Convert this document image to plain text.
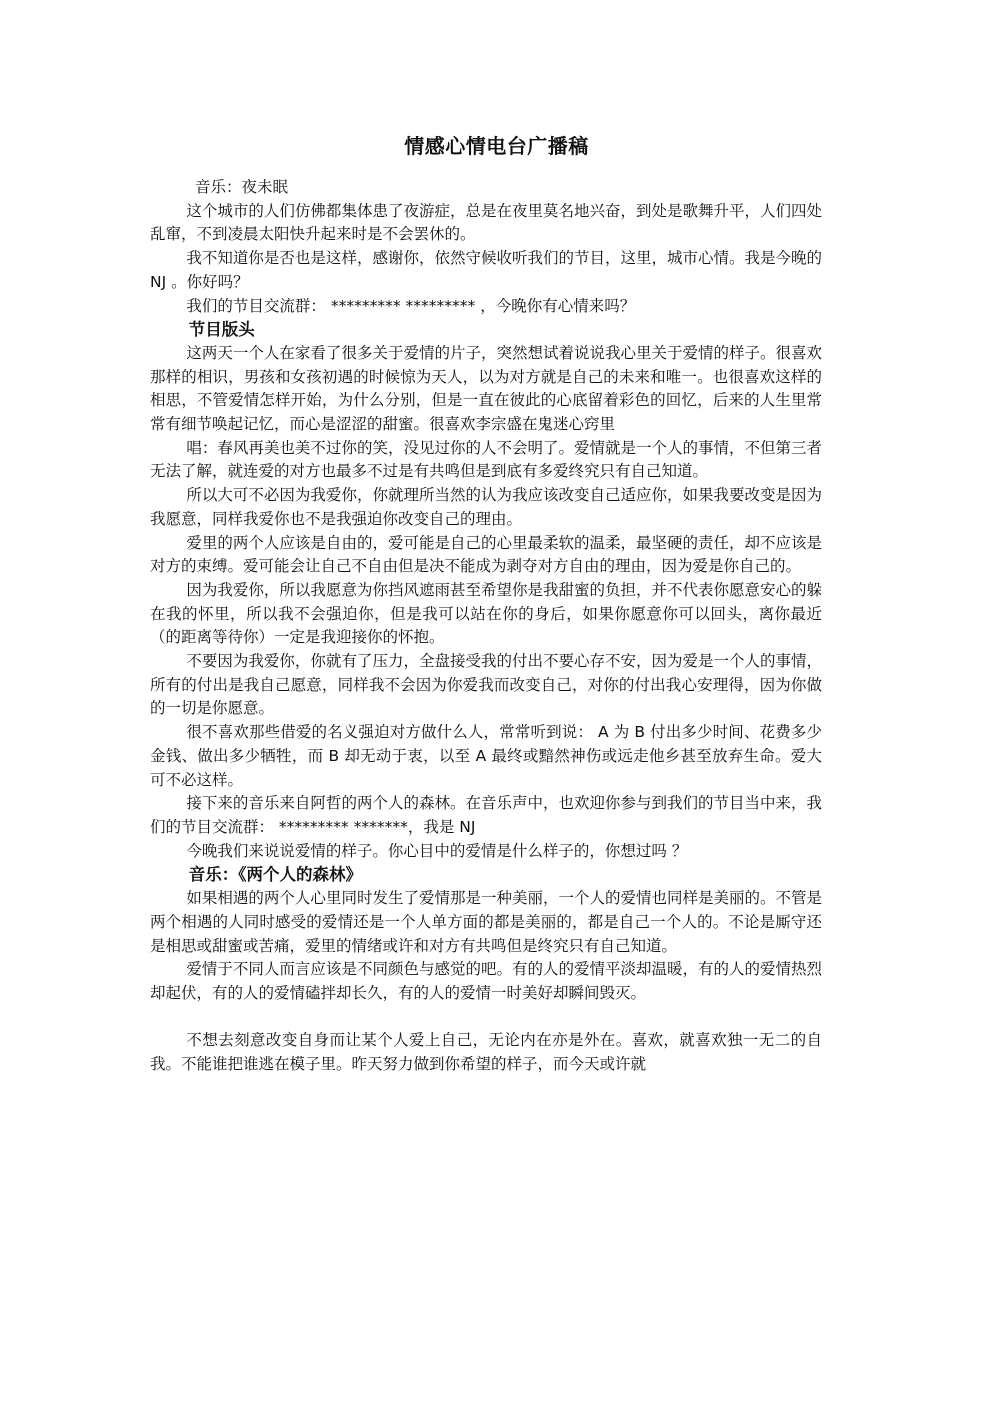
情感心情电台广播稿

音乐：夜未眠

这个城市的人们仿佛都集体患了夜游症，总是在夜里莫名地兴奋，到处是歌舞升平，人们四处乱窜，不到凌晨太阳快升起来时是不会罢休的。

我不知道你是否也是这样，感谢你，依然守候收听我们的节目，这里，城市心情。我是今晚的 NJ 。你好吗？

我们的节目交流群： ********* ********* ，今晚你有心情来吗？

节目版头

这两天一个人在家看了很多关于爱情的片子，突然想试着说说我心里关于爱情的样子。很喜欢那样的相识，男孩和女孩初遇的时候惊为天人，以为对方就是自己的未来和唯一。也很喜欢这样的相思，不管爱情怎样开始，为什么分别，但是一直在彼此的心底留着彩色的回忆，后来的人生里常常有细节唤起记忆，而心是涩涩的甜蜜。很喜欢李宗盛在鬼迷心窍里

唱：春风再美也美不过你的笑，没见过你的人不会明了。爱情就是一个人的事情，不但第三者无法了解，就连爱的对方也最多不过是有共鸣但是到底有多爱终究只有自己知道。

所以大可不必因为我爱你，你就理所当然的认为我应该改变自己适应你，如果我要改变是因为我愿意，同样我爱你也不是我强迫你改变自己的理由。

爱里的两个人应该是自由的，爱可能是自己的心里最柔软的温柔，最坚硬的责任，却不应该是对方的束缚。爱可能会让自己不自由但是决不能成为剥夺对方自由的理由，因为爱是你自己的。

因为我爱你，所以我愿意为你挡风遮雨甚至希望你是我甜蜜的负担，并不代表你愿意安心的躲在我的怀里，所以我不会强迫你，但是我可以站在你的身后，如果你愿意你可以回头，离你最近（的距离等待你）一定是我迎接你的怀抱。

不要因为我爱你，你就有了压力，全盘接受我的付出不要心存不安，因为爱是一个人的事情，所有的付出是我自己愿意，同样我不会因为你爱我而改变自己，对你的付出我心安理得，因为你做的一切是你愿意。

很不喜欢那些借爱的名义强迫对方做什么人，常常听到说： A 为 B 付出多少时间、花费多少金钱、做出多少牺牲，而 B 却无动于衷，以至 A 最终或黯然神伤或远走他乡甚至放弃生命。爱大可不必这样。

接下来的音乐来自阿哲的两个人的森林。在音乐声中，也欢迎你参与到我们的节目当中来，我们的节目交流群： ********* *******，我是 NJ

今晚我们来说说爱情的样子。你心目中的爱情是什么样子的，你想过吗 ？

音乐：《两个人的森林》

如果相遇的两个人心里同时发生了爱情那是一种美丽，一个人的爱情也同样是美丽的。不管是两个相遇的人同时感受的爱情还是一个人单方面的都是美丽的，都是自己一个人的。不论是厮守还是相思或甜蜜或苦痛，爱里的情绪或许和对方有共鸣但是终究只有自己知道。

爱情于不同人而言应该是不同颜色与感觉的吧。有的人的爱情平淡却温暖，有的人的爱情热烈却起伏，有的人的爱情磕拌却长久，有的人的爱情一时美好却瞬间毁灭。

不想去刻意改变自身而让某个人爱上自己，无论内在亦是外在。喜欢，就喜欢独一无二的自我。不能谁把谁逃在模子里。昨天努力做到你希望的样子，而今天或许就
